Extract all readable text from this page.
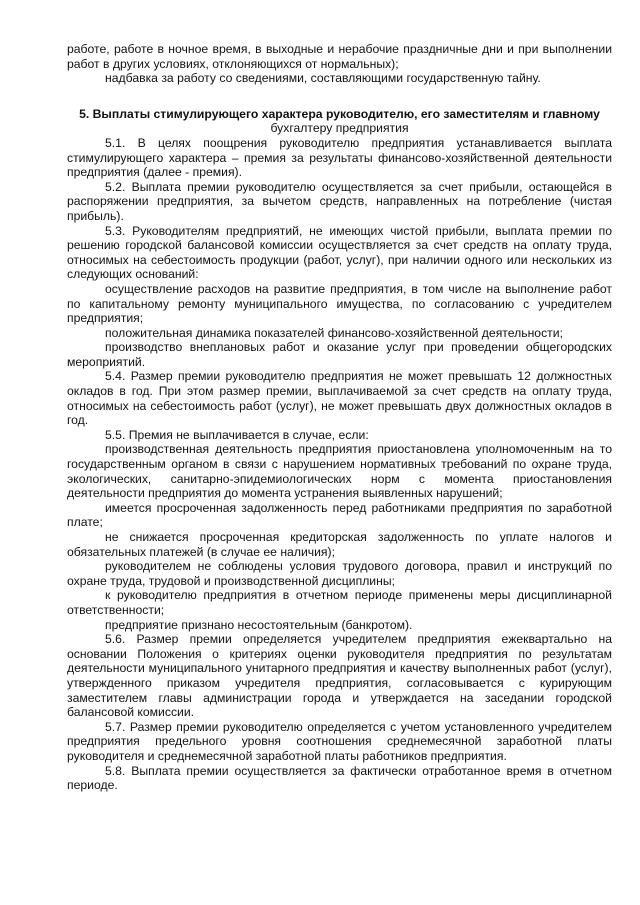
работе, работе в ночное время, в выходные и нерабочие праздничные дни и при выполнении работ в других условиях, отклоняющихся от нормальных);

надбавка за работу со сведениями, составляющими государственную тайну.

5. Выплаты стимулирующего характера руководителю, его заместителям и главному бухгалтеру предприятия

5.1. В целях поощрения руководителю предприятия устанавливается выплата стимулирующего характера – премия за результаты финансово-хозяйственной деятельности предприятия (далее - премия).

5.2. Выплата премии руководителю осуществляется за счет прибыли, остающейся в распоряжении предприятия, за вычетом средств, направленных на потребление (чистая прибыль).

5.3. Руководителям предприятий, не имеющих чистой прибыли, выплата премии по решению городской балансовой комиссии осуществляется за счет средств на оплату труда, относимых на себестоимость продукции (работ, услуг), при наличии одного или нескольких из следующих оснований:

осуществление расходов на развитие предприятия, в том числе на выполнение работ по капитальному ремонту муниципального имущества, по согласованию с учредителем предприятия;

положительная динамика показателей финансово-хозяйственной деятельности;

производство внеплановых работ и оказание услуг при проведении общегородских мероприятий.

5.4. Размер премии руководителю предприятия не может превышать 12 должностных окладов в год. При этом размер премии, выплачиваемой за счет средств на оплату труда, относимых на себестоимость работ (услуг), не может превышать двух должностных окладов в год.

5.5. Премия не выплачивается в случае, если:

производственная деятельность предприятия приостановлена уполномоченным на то государственным органом в связи с нарушением нормативных требований по охране труда, экологических, санитарно-эпидемиологических норм с момента приостановления деятельности предприятия до момента устранения выявленных нарушений;

имеется просроченная задолженность перед работниками предприятия по заработной плате;

не снижается просроченная кредиторская задолженность по уплате налогов и обязательных платежей (в случае ее наличия);

руководителем не соблюдены условия трудового договора, правил и инструкций по охране труда, трудовой и производственной дисциплины;

к руководителю предприятия в отчетном периоде применены меры дисциплинарной ответственности;

предприятие признано несостоятельным (банкротом).

5.6. Размер премии определяется учредителем предприятия ежеквартально на основании Положения о критериях оценки руководителя предприятия по результатам деятельности муниципального унитарного предприятия и качеству выполненных работ (услуг), утвержденного приказом учредителя предприятия, согласовывается с курирующим заместителем главы администрации города и утверждается на заседании городской балансовой комиссии.

5.7. Размер премии руководителю определяется с учетом установленного учредителем предприятия предельного уровня соотношения среднемесячной заработной платы руководителя и среднемесячной заработной платы работников предприятия.

5.8. Выплата премии осуществляется за фактически отработанное время в отчетном периоде.
